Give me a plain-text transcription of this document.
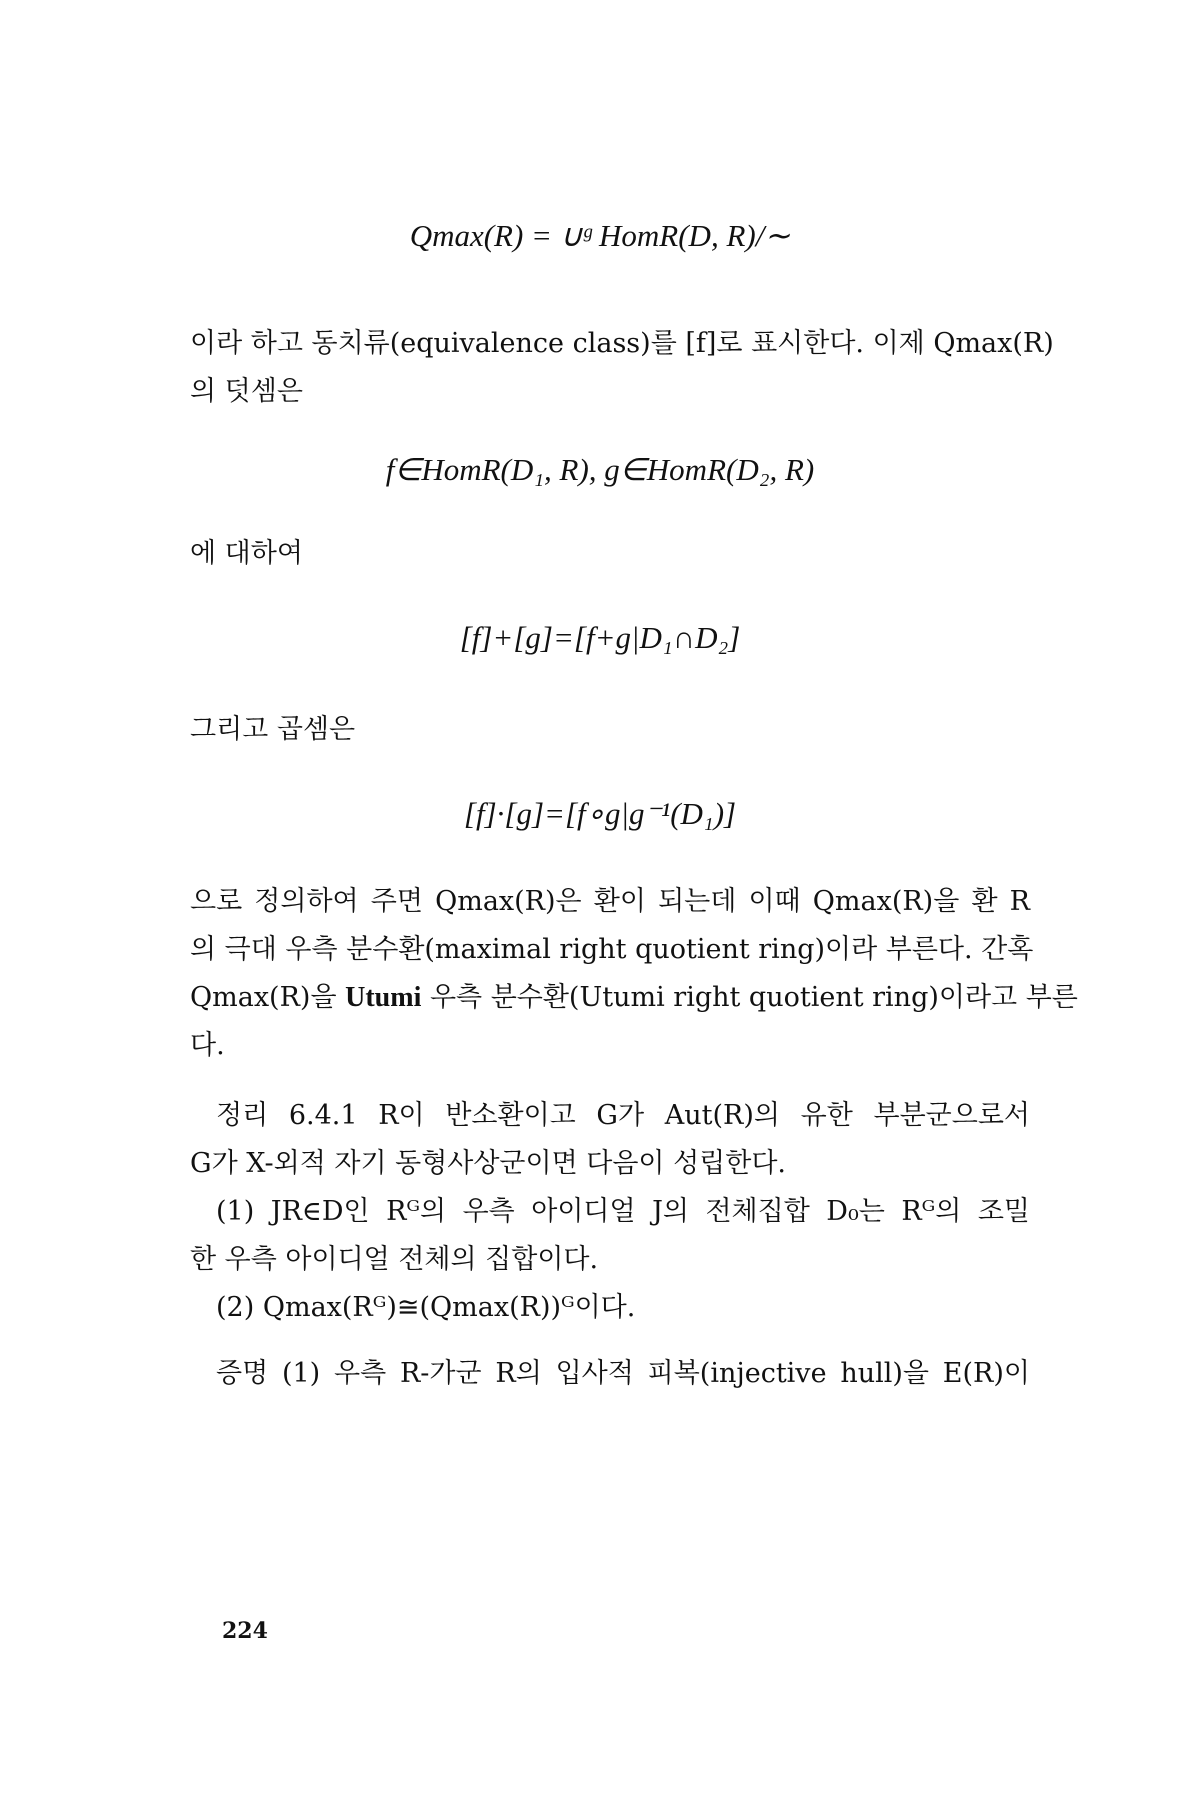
Qmax(R) = ∪ᵍ HomR(D, R)/∼
이라 하고 동치류(equivalence class)를 [f]로 표시한다. 이제 Qmax(R)
의 덧셈은
f∈HomR(D₁, R), g∈HomR(D₂, R)
에 대하여
[f]+[g]=[f+g|D₁∩D₂]
그리고 곱셈은
[f]·[g]=[f∘g|g⁻¹(D₁)]
으로 정의하여 주면 Qmax(R)은 환이 되는데 이때 Qmax(R)을 환 R
의 극대 우측 분수환(maximal right quotient ring)이라 부른다. 간혹
Qmax(R)을 Utumi 우측 분수환(Utumi right quotient ring)이라고 부른
다.
정리 6.4.1 R이 반소환이고 G가 Aut(R)의 유한 부분군으로서
G가 X-외적 자기 동형사상군이면 다음이 성립한다.
(1) JR∈D인 Rᴳ의 우측 아이디얼 J의 전체집합 D₀는 Rᴳ의 조밀
한 우측 아이디얼 전체의 집합이다.
(2) Qmax(Rᴳ)≅(Qmax(R))ᴳ이다.
증명 (1) 우측 R-가군 R의 입사적 피복(injective hull)을 E(R)이
224
